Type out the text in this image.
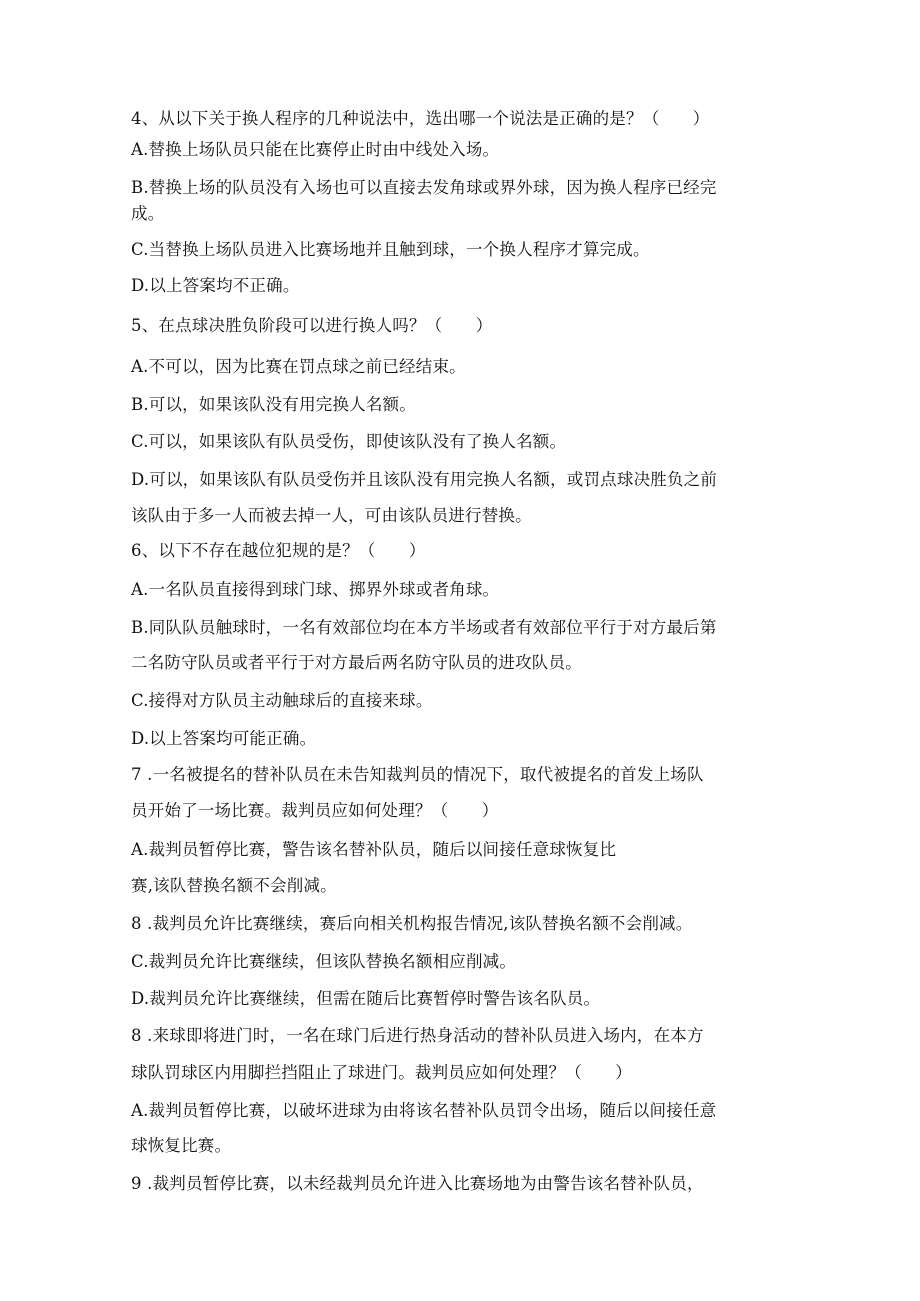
4、从以下关于换人程序的几种说法中，选出哪一个说法是正确的是？（　　）
A.替换上场队员只能在比赛停止时由中线处入场。
B.替换上场的队员没有入场也可以直接去发角球或界外球，因为换人程序已经完
成。
C.当替换上场队员进入比赛场地并且触到球，一个换人程序才算完成。
D.以上答案均不正确。
5、在点球决胜负阶段可以进行换人吗？（　　）
A.不可以，因为比赛在罚点球之前已经结束。
B.可以，如果该队没有用完换人名额。
C.可以，如果该队有队员受伤，即使该队没有了换人名额。
D.可以，如果该队有队员受伤并且该队没有用完换人名额，或罚点球决胜负之前
该队由于多一人而被去掉一人，可由该队员进行替换。
6、以下不存在越位犯规的是？（　　）
A.一名队员直接得到球门球、掷界外球或者角球。
B.同队队员触球时，一名有效部位均在本方半场或者有效部位平行于对方最后第
二名防守队员或者平行于对方最后两名防守队员的进攻队员。
C.接得对方队员主动触球后的直接来球。
D.以上答案均可能正确。
7 .一名被提名的替补队员在未告知裁判员的情况下，取代被提名的首发上场队
员开始了一场比赛。裁判员应如何处理？（　　）
A.裁判员暂停比赛，警告该名替补队员，随后以间接任意球恢复比
赛,该队替换名额不会削减。
8 .裁判员允许比赛继续，赛后向相关机构报告情况,该队替换名额不会削减。
C.裁判员允许比赛继续，但该队替换名额相应削减。
D.裁判员允许比赛继续，但需在随后比赛暂停时警告该名队员。
8 .来球即将进门时，一名在球门后进行热身活动的替补队员进入场内，在本方
球队罚球区内用脚拦挡阻止了球进门。裁判员应如何处理？（　　）
A.裁判员暂停比赛，以破坏进球为由将该名替补队员罚令出场，随后以间接任意
球恢复比赛。
9 .裁判员暂停比赛，以未经裁判员允许进入比赛场地为由警告该名替补队员，
